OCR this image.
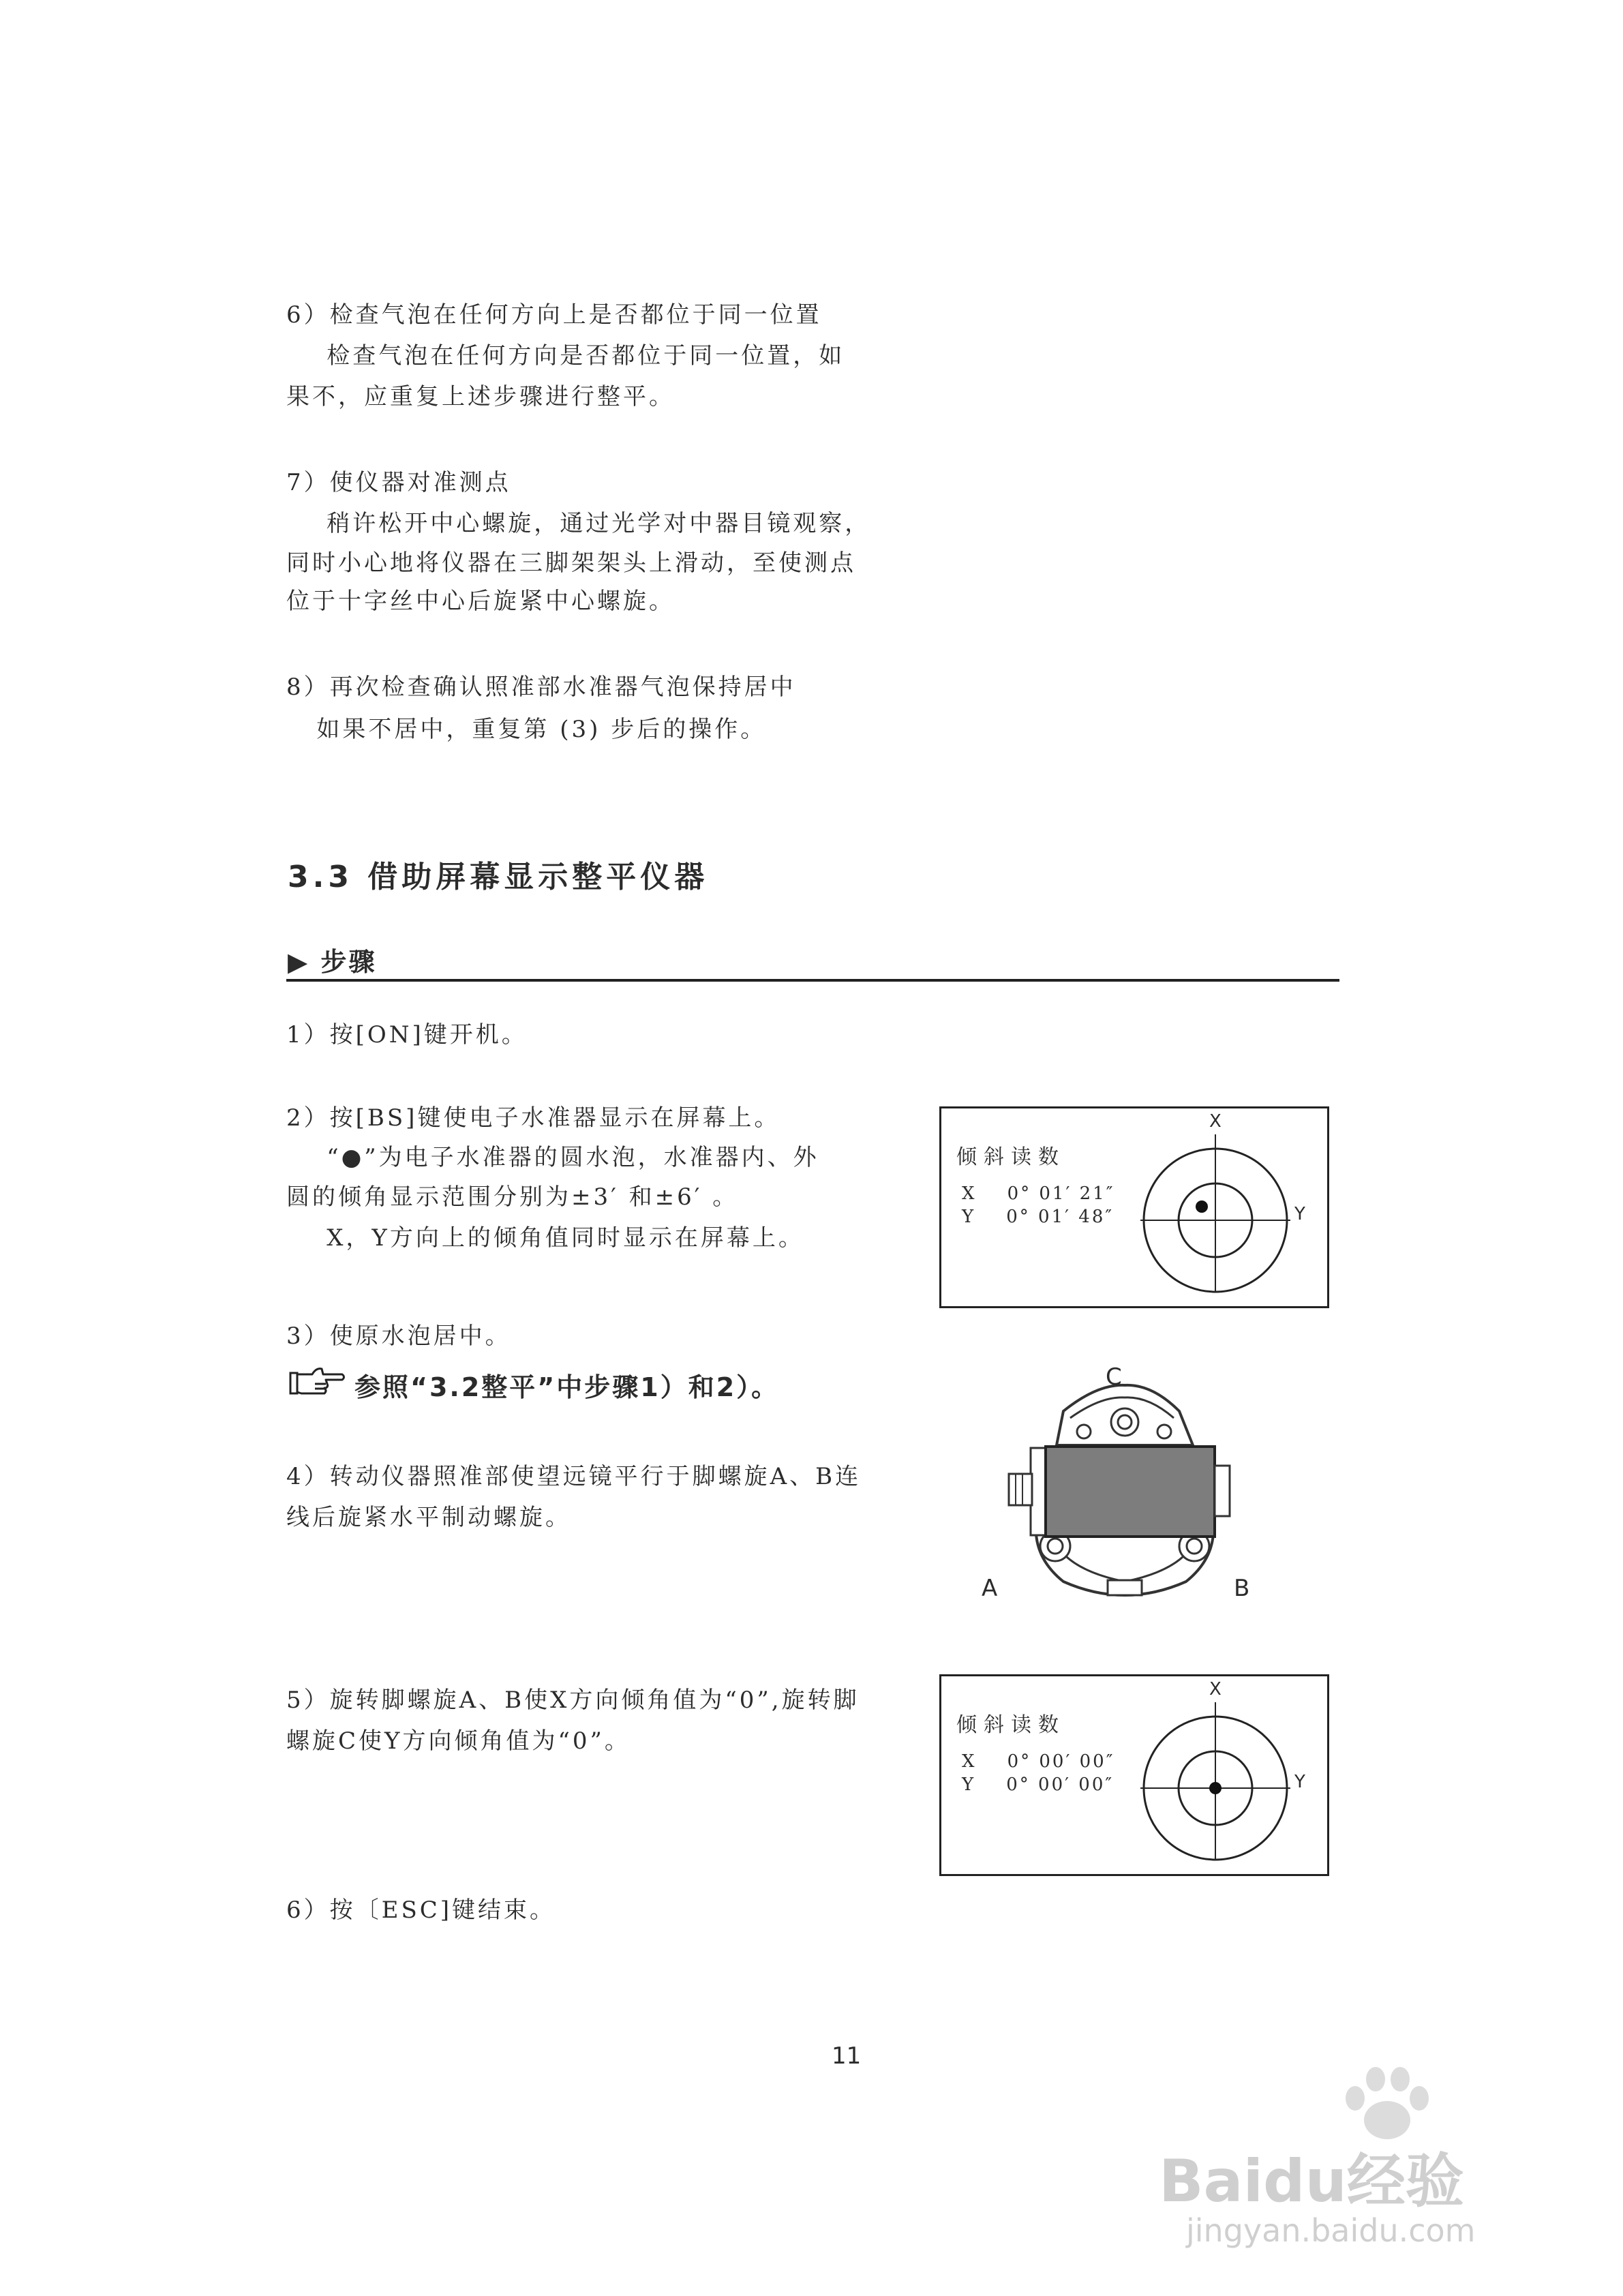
6）检查气泡在任何方向上是否都位于同一位置

检查气泡在任何方向是否都位于同一位置，如

果不，应重复上述步骤进行整平。

7）使仪器对准测点

稍许松开中心螺旋，通过光学对中器目镜观察，

同时小心地将仪器在三脚架架头上滑动，至使测点

位于十字丝中心后旋紧中心螺旋。

8）再次检查确认照准部水准器气泡保持居中

如果不居中，重复第 (3) 步后的操作。

3.3 借助屏幕显示整平仪器
▶ 步骤

1）按[ON]键开机。

2）按[BS]键使电子水准器显示在屏幕上。

“●”为电子水准器的圆水泡，水准器内、外

圆的倾角显示范围分别为±3′ 和±6′ 。

X，Y方向上的倾角值同时显示在屏幕上。

3）使原水泡居中。

参照“3.2整平”中步骤1）和2）。

4）转动仪器照准部使望远镜平行于脚螺旋A、B连

线后旋紧水平制动螺旋。

5）旋转脚螺旋A、B使X方向倾角值为“0”,旋转脚

螺旋C使Y方向倾角值为“0”。

6）按〔ESC]键结束。

倾斜读数
X    0° 01′ 21″
Y    0° 01′ 48″
X
Y
C
A	B
倾斜读数
X    0° 00′ 00″
Y    0° 00′ 00″
X
Y
11
Baidu经验
jingyan.baidu.com
